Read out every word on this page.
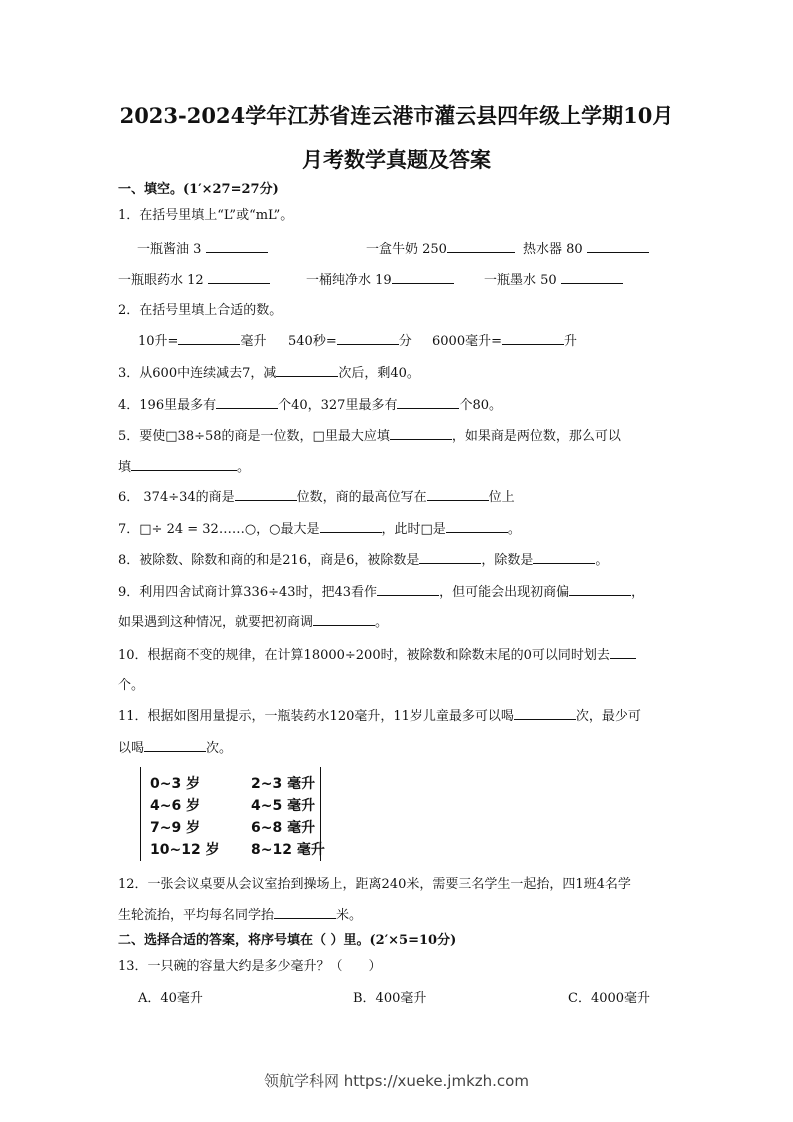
2023-2024学年江苏省连云港市灌云县四年级上学期10月
月考数学真题及答案
一、填空。(1′×27=27分)
1．在括号里填上“L”或“mL”。
一瓶酱油 3	一盒牛奶 250	热水器 80
一瓶眼药水 12	一桶纯净水 19	一瓶墨水 50
2．在括号里填上合适的数。
10升=	毫升 540秒=	分 6000毫升=	升
3．从600中连续减去7，减	次后，剩40。
4．196里最多有	个40，327里最多有	个80。
5．要使□38÷58的商是一位数，□里最大应填	，如果商是两位数，那么可以
填	。
6． 374÷34的商是	位数，商的最高位写在	位上
7．□÷ 24 = 32……○，○最大是	，此时□是	。
8．被除数、除数和商的和是216，商是6，被除数是	，除数是	。
9．利用四舍试商计算336÷43时，把43看作	，但可能会出现初商偏	，
如果遇到这种情况，就要把初商调	。
10．根据商不变的规律，在计算18000÷200时，被除数和除数末尾的0可以同时划去
个。
11．根据如图用量提示，一瓶装药水120毫升，11岁儿童最多可以喝	次，最少可
以喝	次。
0~3 岁	2~3 毫升
4~6 岁	4~5 毫升
7~9 岁	6~8 毫升
10~12 岁 8~12 毫升
12．一张会议桌要从会议室抬到操场上，距离240米，需要三名学生一起抬，四1班4名学
生轮流抬，平均每名同学抬	米。
二、选择合适的答案，将序号填在（ ）里。(2′×5=10分)
13．一只碗的容量大约是多少毫升？（　　）
A．40毫升	B．400毫升	C．4000毫升
领航学科网 https://xueke.jmkzh.com
